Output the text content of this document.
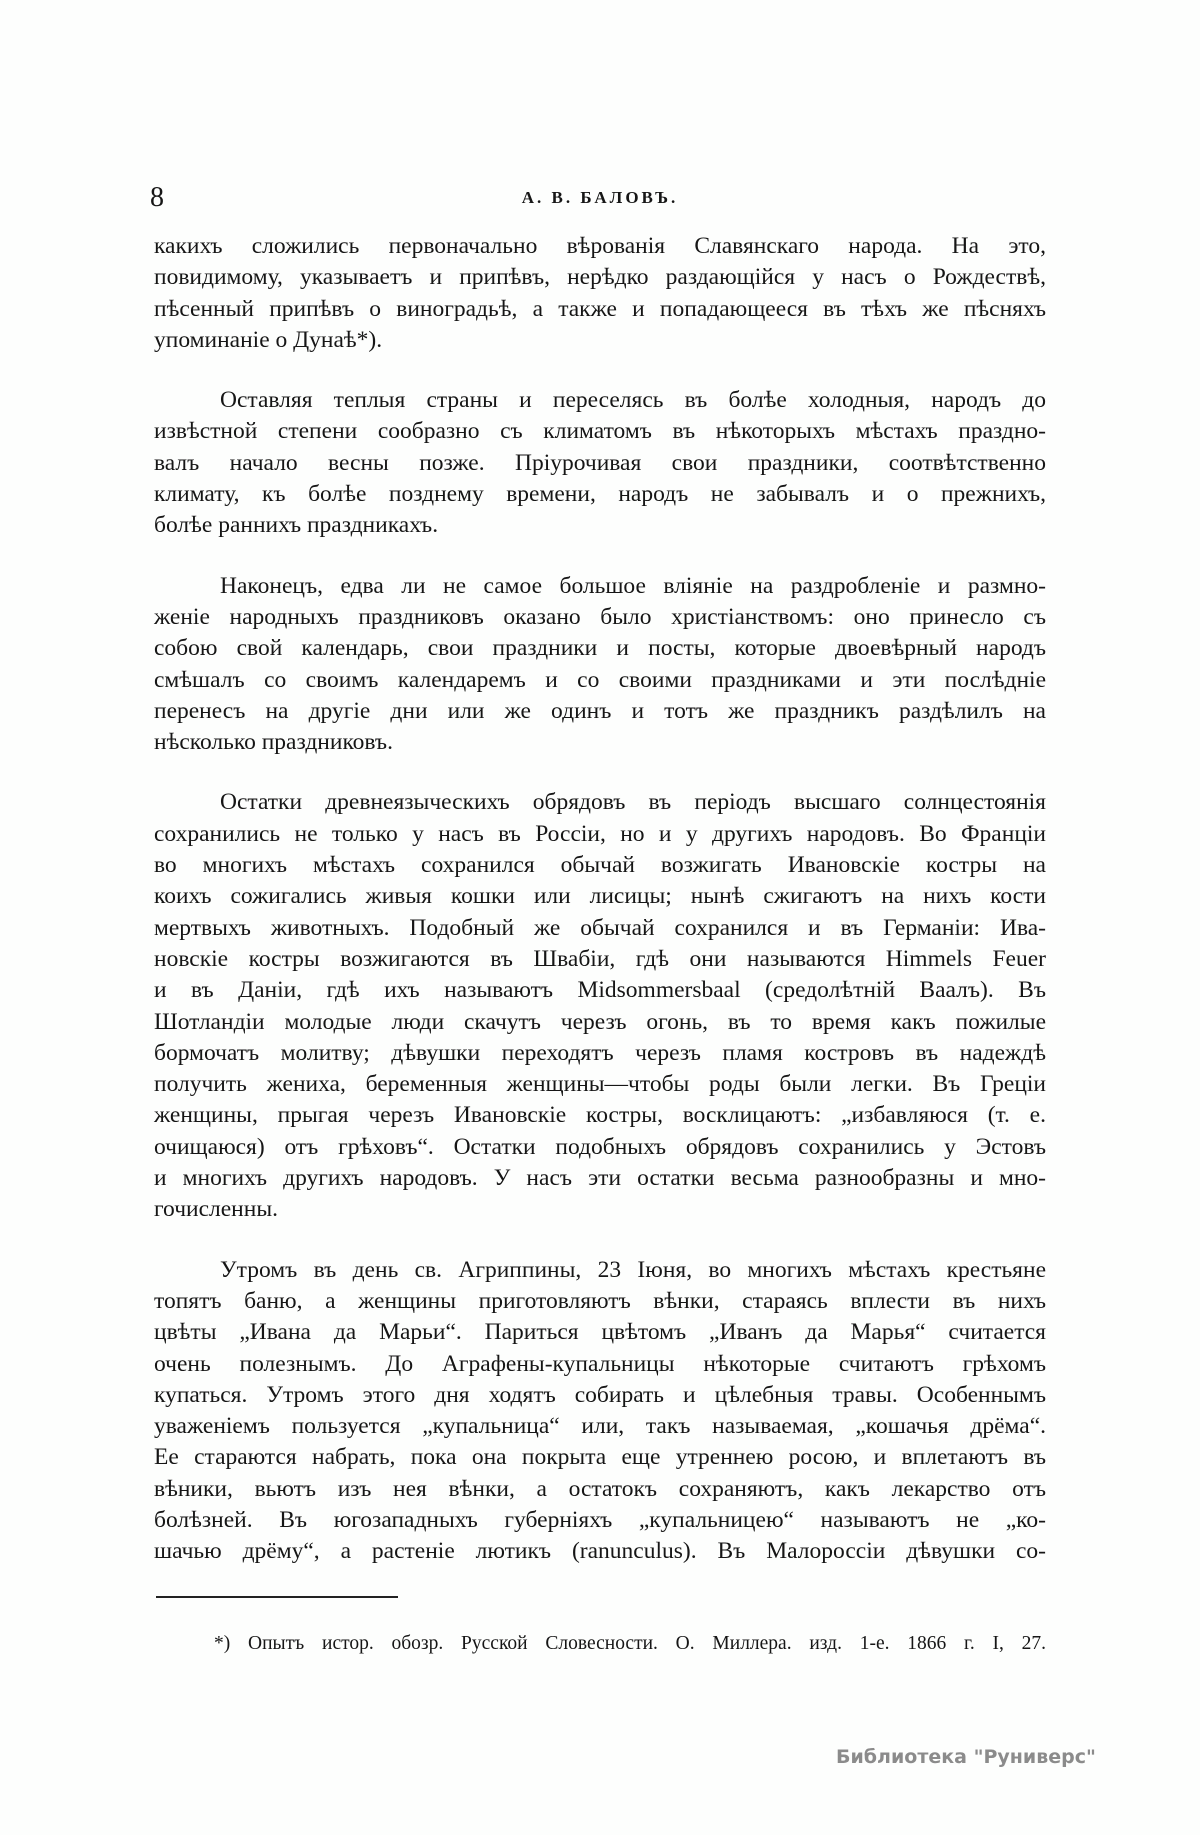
8	А. В. БАЛОВЪ.
какихъ сложились первоначально вѣрованія Славянскаго народа. На это,
повидимому, указываетъ и припѣвъ, нерѣдко раздающійся у насъ о Рождествѣ,
пѣсенный припѣвъ о виноградьѣ, а также и попадающееся въ тѣхъ же пѣсняхъ
упоминаніе о Дунаѣ*).
Оставляя теплыя страны и переселясь въ болѣе холодныя, народъ до
извѣстной степени сообразно съ климатомъ въ нѣкоторыхъ мѣстахъ праздно-
валъ начало весны позже. Пріурочивая свои праздники, соотвѣтственно
климату, къ болѣе позднему времени, народъ не забывалъ и о прежнихъ,
болѣе раннихъ праздникахъ.
Наконецъ, едва ли не самое большое вліяніе на раздробленіе и размно-
женіе народныхъ праздниковъ оказано было христіанствомъ: оно принесло съ
собою свой календарь, свои праздники и посты, которые двоевѣрный народъ
смѣшалъ со своимъ календаремъ и со своими праздниками и эти послѣдніе
перенесъ на другіе дни или же одинъ и тотъ же праздникъ раздѣлилъ на
нѣсколько праздниковъ.
Остатки древнеязыческихъ обрядовъ въ періодъ высшаго солнцестоянія
сохранились не только у насъ въ Россіи, но и у другихъ народовъ. Во Франціи
во многихъ мѣстахъ сохранился обычай возжигать Ивановскіе костры на
коихъ сожигались живыя кошки или лисицы; нынѣ сжигаютъ на нихъ кости
мертвыхъ животныхъ. Подобный же обычай сохранился и въ Германіи: Ива-
новскіе костры возжигаются въ Швабіи, гдѣ они называются Himmels Feuer
и въ Даніи, гдѣ ихъ называютъ Midsommersbaal (средолѣтній Ваалъ). Въ
Шотландіи молодые люди скачутъ черезъ огонь, въ то время какъ пожилые
бормочатъ молитву; дѣвушки переходятъ черезъ пламя костровъ въ надеждѣ
получить жениха, беременныя женщины—чтобы роды были легки. Въ Греціи
женщины, прыгая черезъ Ивановскіе костры, восклицаютъ: „избавляюся (т. е.
очищаюся) отъ грѣховъ“. Остатки подобныхъ обрядовъ сохранились у Эстовъ
и многихъ другихъ народовъ. У насъ эти остатки весьма разнообразны и мно-
гочисленны.
Утромъ въ день св. Агриппины, 23 Іюня, во многихъ мѣстахъ крестьяне
топятъ баню, а женщины приготовляютъ вѣнки, стараясь вплести въ нихъ
цвѣты „Ивана да Марьи“. Париться цвѣтомъ „Иванъ да Марья“ считается
очень полезнымъ. До Аграфены-купальницы нѣкоторые считаютъ грѣхомъ
купаться. Утромъ этого дня ходятъ собирать и цѣлебныя травы. Особеннымъ
уваженіемъ пользуется „купальница“ или, такъ называемая, „кошачья дрёма“.
Ее стараются набрать, пока она покрыта еще утреннею росою, и вплетаютъ въ
вѣники, вьютъ изъ нея вѣнки, а остатокъ сохраняютъ, какъ лекарство отъ
болѣзней. Въ югозападныхъ губерніяхъ „купальницею“ называютъ не „ко-
шачью дрёму“, а растеніе лютикъ (ranunculus). Въ Малороссіи дѣвушки со-
*) Опытъ истор. обозр. Русской Словесности. О. Миллера. изд. 1-е. 1866 г. I, 27.
Библиотека "Руниверс"
